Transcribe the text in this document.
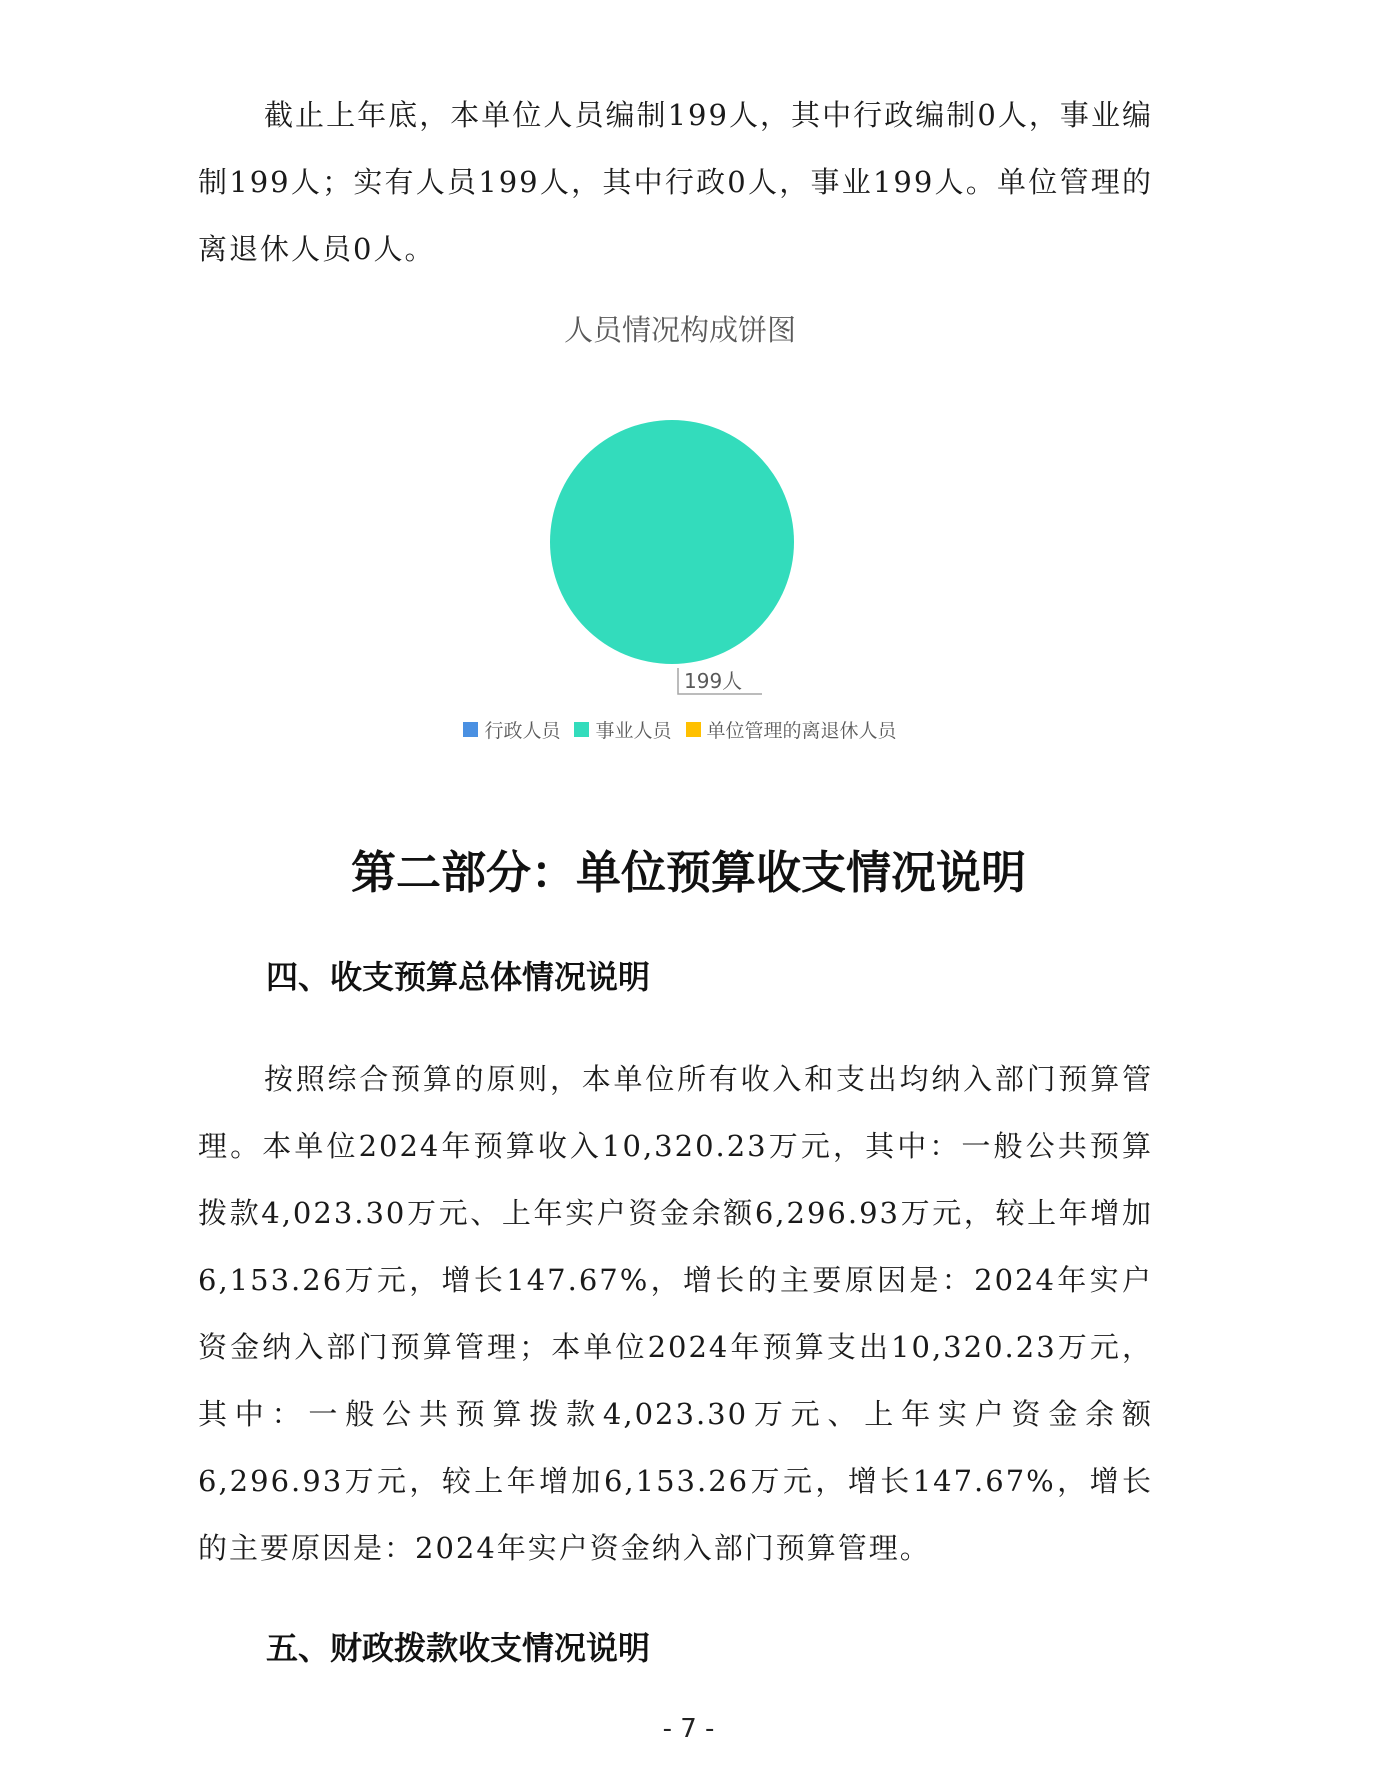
截止上年底，本单位人员编制199人，其中行政编制0人，事业编制199人；实有人员199人，其中行政0人，事业199人。单位管理的离退休人员0人。

人员情况构成饼图
199人
行政人员 事业人员 单位管理的离退休人员
第二部分：单位预算收支情况说明
四、收支预算总体情况说明

按照综合预算的原则，本单位所有收入和支出均纳入部门预算管理。本单位2024年预算收入10,320.23万元，其中：一般公共预算拨款4,023.30万元、上年实户资金余额6,296.93万元，较上年增加6,153.26万元，增长147.67%，增长的主要原因是：2024年实户资金纳入部门预算管理；本单位2024年预算支出10,320.23万元，其中：一般公共预算拨款4,023.30万元、上年实户资金余额6,296.93万元，较上年增加6,153.26万元，增长147.67%，增长的主要原因是：2024年实户资金纳入部门预算管理。

五、财政拨款收支情况说明
- 7 -
